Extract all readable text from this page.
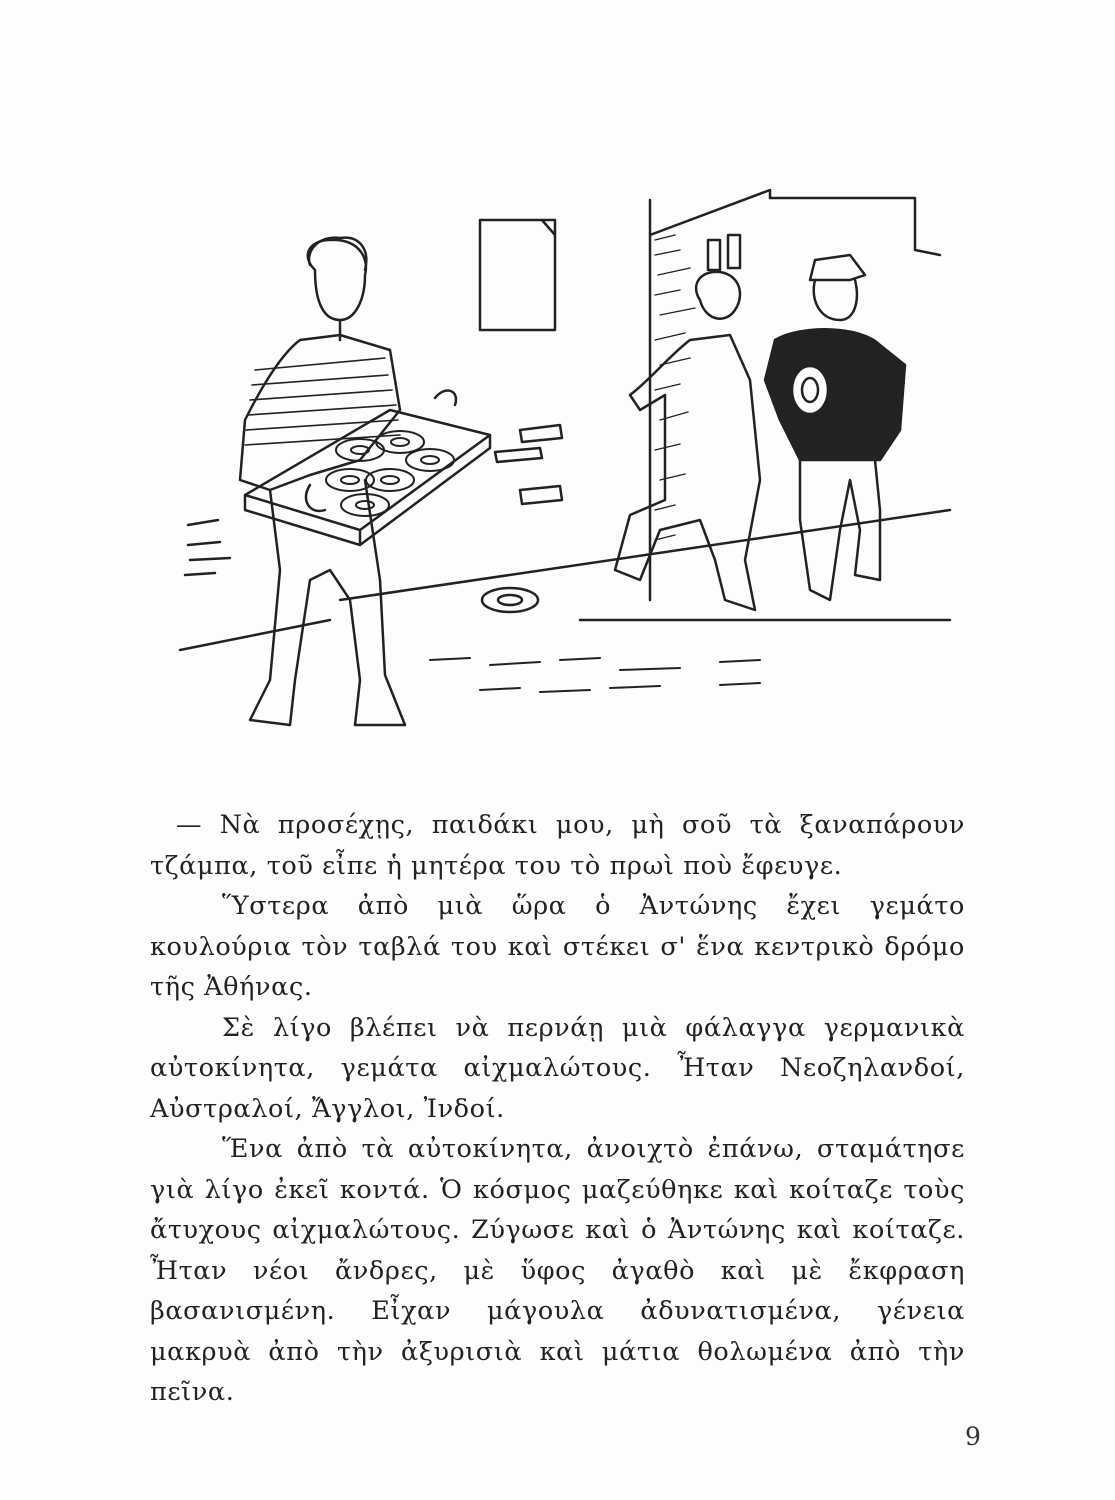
— Νὰ προσέχῃς, παιδάκι μου, μὴ σοῦ τὰ ξαναπάρουν τζάμπα, τοῦ εἶπε ἡ μητέρα του τὸ πρωὶ ποὺ ἔφευγε.

Ὕστερα ἀπὸ μιὰ ὥρα ὁ Ἀντώνης ἔχει γεμάτο κουλούρια τὸν ταβλά του καὶ στέκει σ' ἕνα κεντρικὸ δρόμο τῆς Ἀθήνας.

Σὲ λίγο βλέπει νὰ περνάῃ μιὰ φάλαγγα γερμανικὰ αὐτοκίνητα, γεμάτα αἰχμαλώτους. Ἦταν Νεοζηλανδοί, Αὐστραλοί, Ἄγγλοι, Ἰνδοί.

Ἕνα ἀπὸ τὰ αὐτοκίνητα, ἀνοιχτὸ ἐπάνω, σταμάτησε γιὰ λίγο ἐκεῖ κοντά. Ὁ κόσμος μαζεύθηκε καὶ κοίταζε τοὺς ἄτυχους αἰχμαλώτους. Ζύγωσε καὶ ὁ Ἀντώνης καὶ κοίταζε. Ἦταν νέοι ἄνδρες, μὲ ὕφος ἀγαθὸ καὶ μὲ ἔκφραση βασανισμένη. Εἶχαν μάγουλα ἀδυνατισμένα, γένεια μακρυὰ ἀπὸ τὴν ἀξυρισιὰ καὶ μάτια θολωμένα ἀπὸ τὴν πεῖνα.

9
